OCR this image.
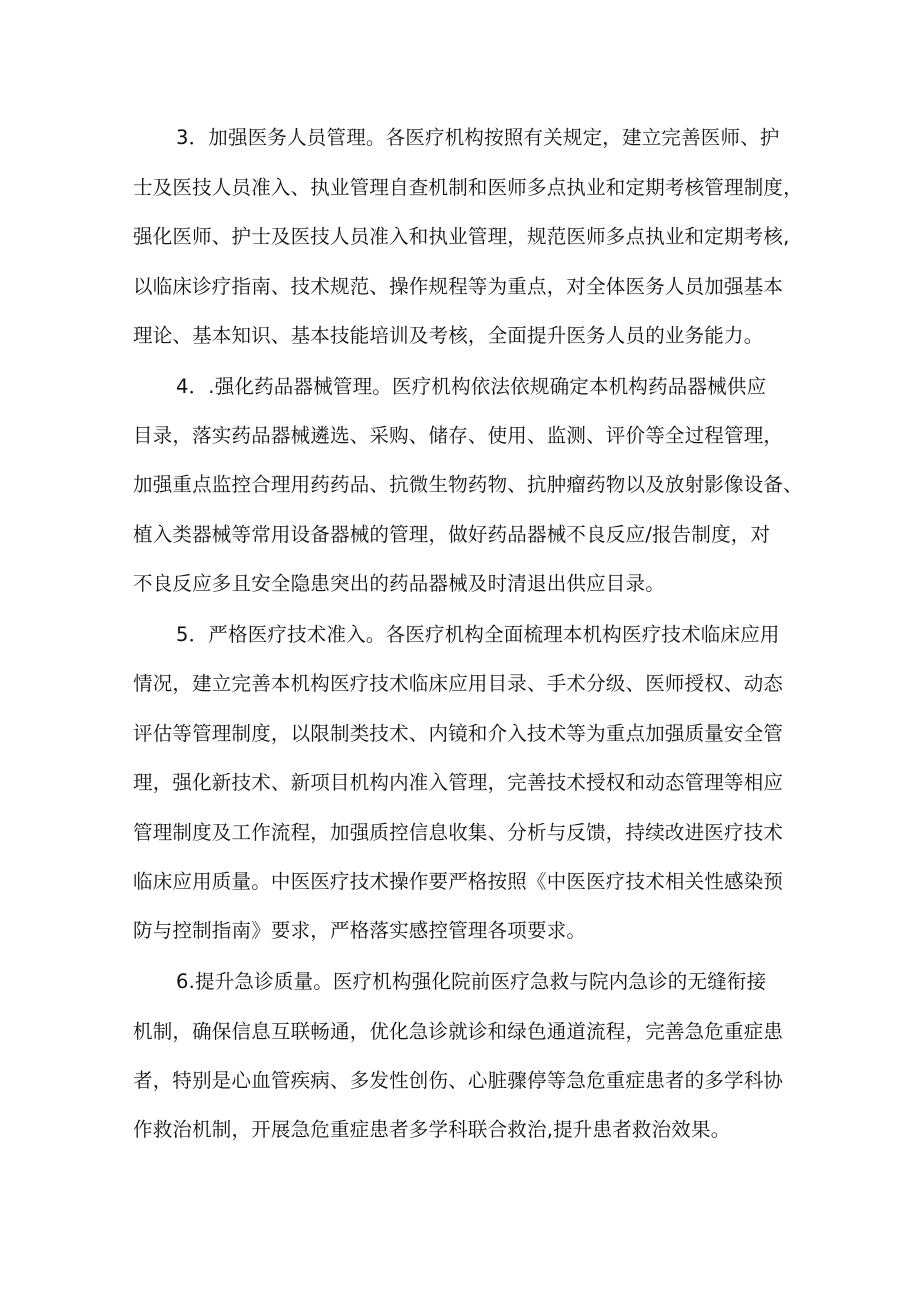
3．加强医务人员管理。各医疗机构按照有关规定，建立完善医师、护
士及医技人员准入、执业管理自查机制和医师多点执业和定期考核管理制度，
强化医师、护士及医技人员准入和执业管理，规范医师多点执业和定期考核,
以临床诊疗指南、技术规范、操作规程等为重点，对全体医务人员加强基本
理论、基本知识、基本技能培训及考核，全面提升医务人员的业务能力。
4．.强化药品器械管理。医疗机构依法依规确定本机构药品器械供应
目录，落实药品器械遴选、采购、储存、使用、监测、评价等全过程管理，
加强重点监控合理用药药品、抗微生物药物、抗肿瘤药物以及放射影像设备、
植入类器械等常用设备器械的管理，做好药品器械不良反应/报告制度，对
不良反应多且安全隐患突出的药品器械及时清退出供应目录。
5．严格医疗技术准入。各医疗机构全面梳理本机构医疗技术临床应用
情况，建立完善本机构医疗技术临床应用目录、手术分级、医师授权、动态
评估等管理制度，以限制类技术、内镜和介入技术等为重点加强质量安全管
理，强化新技术、新项目机构内准入管理，完善技术授权和动态管理等相应
管理制度及工作流程，加强质控信息收集、分析与反馈，持续改进医疗技术
临床应用质量。中医医疗技术操作要严格按照《中医医疗技术相关性感染预
防与控制指南》要求，严格落实感控管理各项要求。
6.提升急诊质量。医疗机构强化院前医疗急救与院内急诊的无缝衔接
机制，确保信息互联畅通，优化急诊就诊和绿色通道流程，完善急危重症患
者，特别是心血管疾病、多发性创伤、心脏骤停等急危重症患者的多学科协
作救治机制，开展急危重症患者多学科联合救治,提升患者救治效果。
